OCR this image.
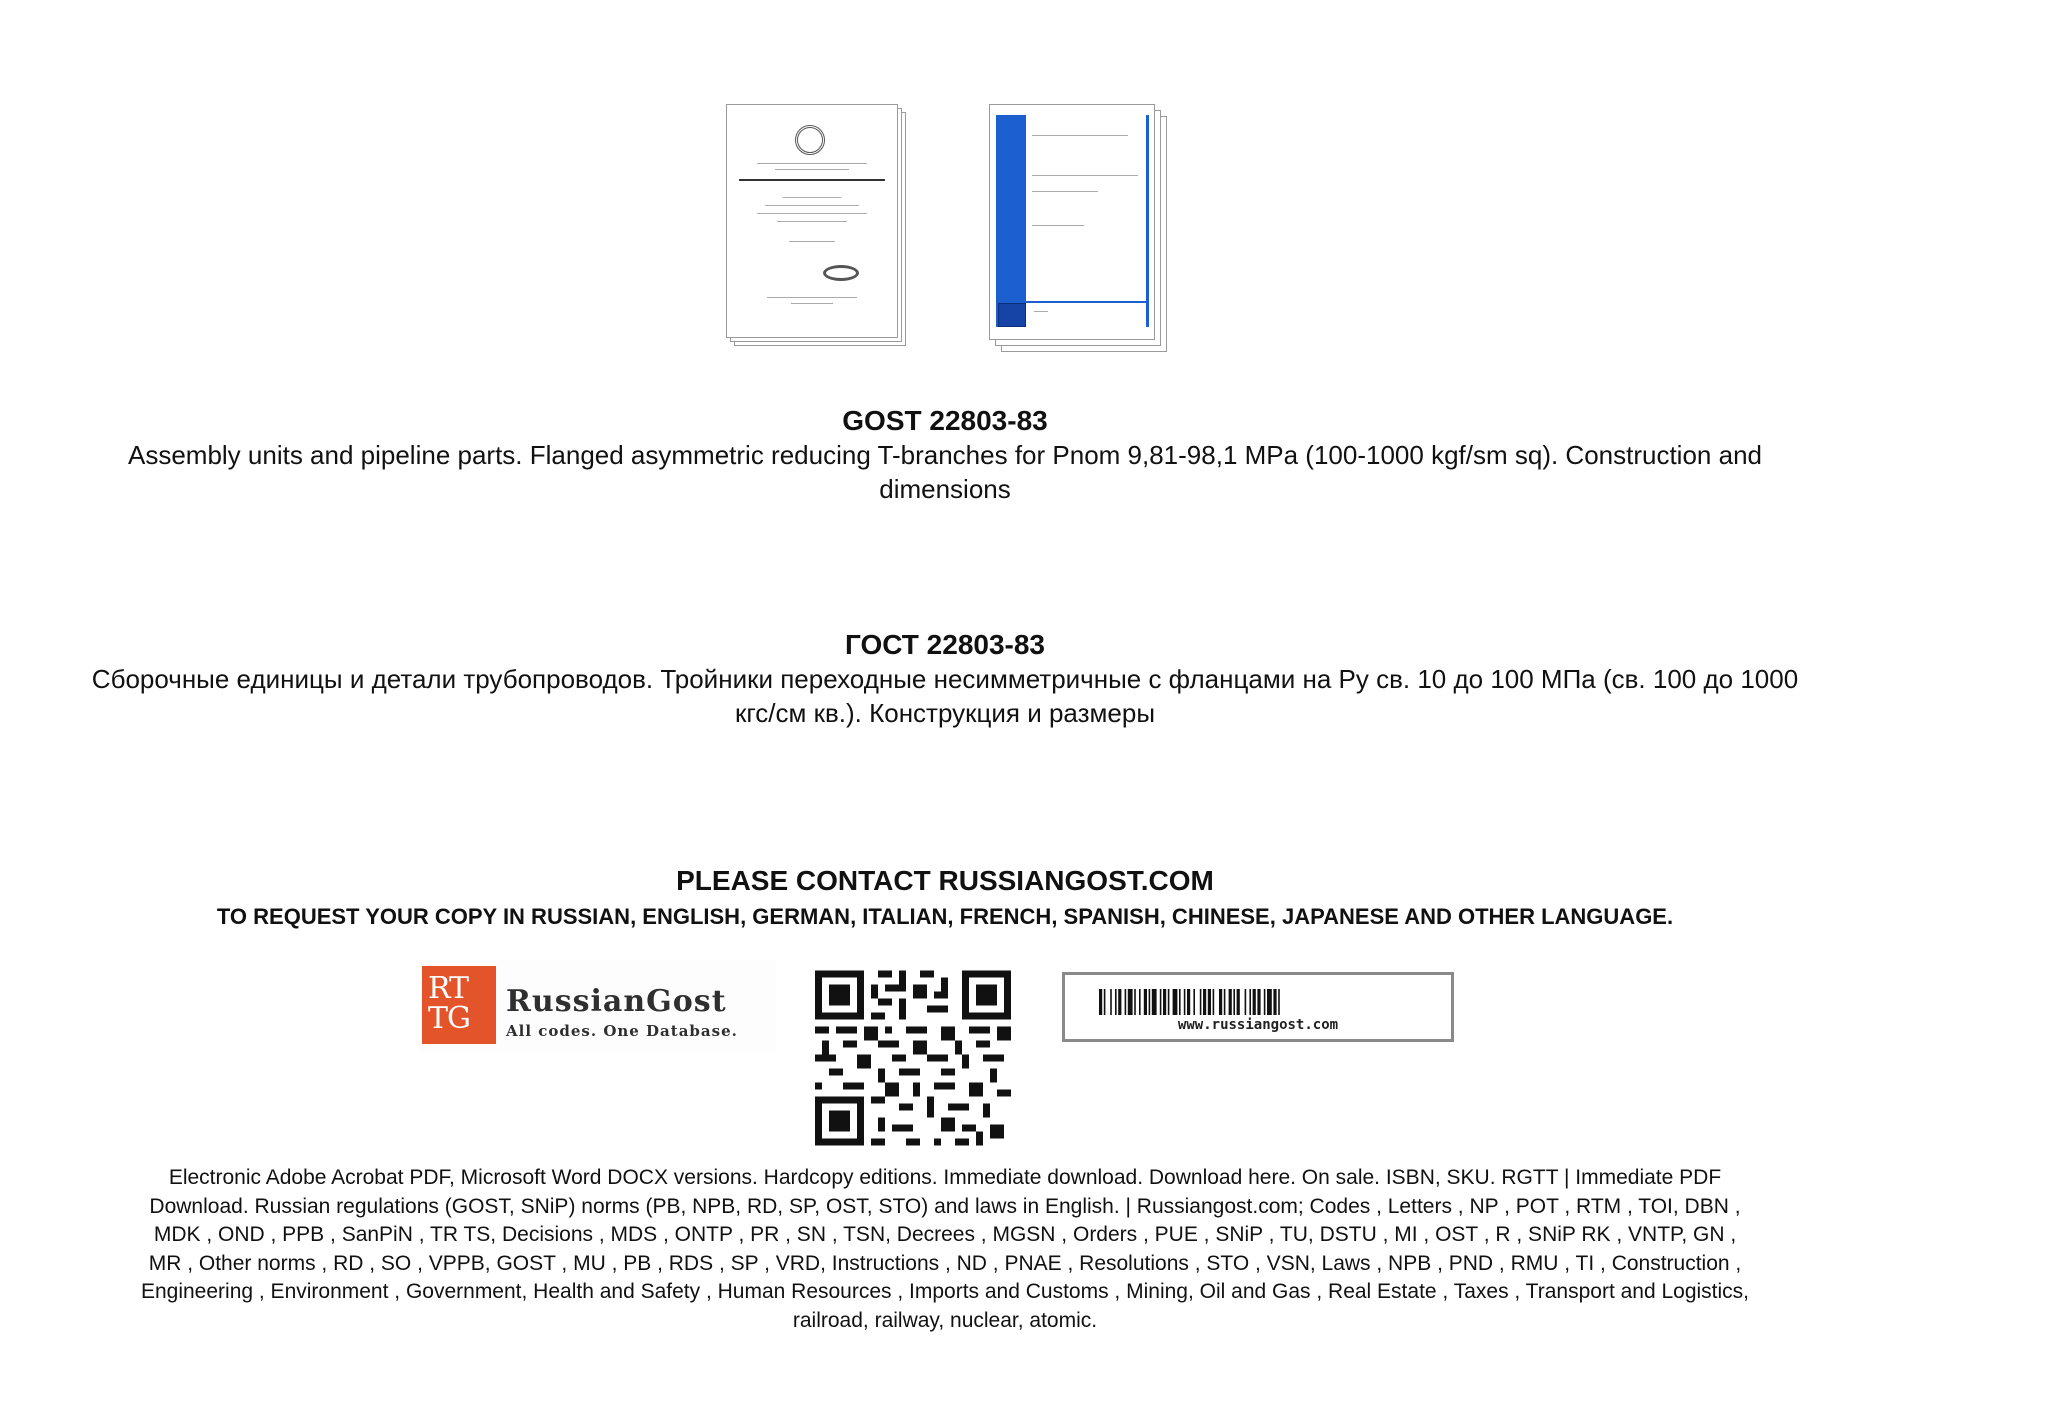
GOST 22803-83
Assembly units and pipeline parts. Flanged asymmetric reducing T-branches for Pnom 9,81-98,1 MPa (100-1000 kgf/sm sq). Construction and dimensions
ГОСТ 22803-83
Сборочные единицы и детали трубопроводов. Тройники переходные несимметричные с фланцами на Ру св. 10 до 100 МПа (св. 100 до 1000 кгс/см кв.). Конструкция и размеры
PLEASE CONTACT RUSSIANGOST.COM
TO REQUEST YOUR COPY IN RUSSIAN, ENGLISH, GERMAN, ITALIAN, FRENCH, SPANISH, CHINESE, JAPANESE AND OTHER LANGUAGE.
RT TG	RussianGost
All codes. One Database.	www.russiangost.com
Electronic Adobe Acrobat PDF, Microsoft Word DOCX versions. Hardcopy editions. Immediate download. Download here. On sale. ISBN, SKU. RGTT | Immediate PDF Download. Russian regulations (GOST, SNiP) norms (PB, NPB, RD, SP, OST, STO) and laws in English. | Russiangost.com; Codes , Letters , NP , POT , RTM , TOI, DBN , MDK , OND , PPB , SanPiN , TR TS, Decisions , MDS , ONTP , PR , SN , TSN, Decrees , MGSN , Orders , PUE , SNiP , TU, DSTU , MI , OST , R , SNiP RK , VNTP, GN , MR , Other norms , RD , SO , VPPB, GOST , MU , PB , RDS , SP , VRD, Instructions , ND , PNAE , Resolutions , STO , VSN, Laws , NPB , PND , RMU , TI , Construction , Engineering , Environment , Government, Health and Safety , Human Resources , Imports and Customs , Mining, Oil and Gas , Real Estate , Taxes , Transport and Logistics, railroad, railway, nuclear, atomic.
